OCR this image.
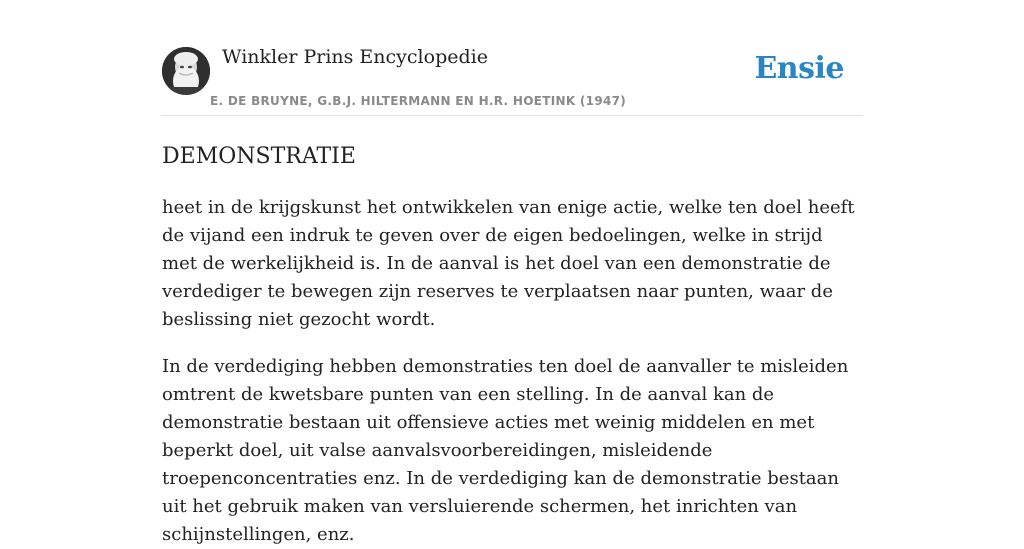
Winkler Prins Encyclopedie
E. DE BRUYNE, G.B.J. HILTERMANN EN H.R. HOETINK (1947)
Ensie
DEMONSTRATIE

heet in de krijgskunst het ontwikkelen van enige actie, welke ten doel heeft de vijand een indruk te geven over de eigen bedoelingen, welke in strijd met de werkelijkheid is. In de aanval is het doel van een demonstratie de verdediger te bewegen zijn reserves te verplaatsen naar punten, waar de beslissing niet gezocht wordt.

In de verdediging hebben demonstraties ten doel de aanvaller te misleiden omtrent de kwetsbare punten van een stelling. In de aanval kan de demonstratie bestaan uit offensieve acties met weinig middelen en met beperkt doel, uit valse aanvalsvoorbereidingen, misleidende troepenconcentraties enz. In de verdediging kan de demonstratie bestaan uit het gebruik maken van versluierende schermen, het inrichten van schijnstellingen, enz.
